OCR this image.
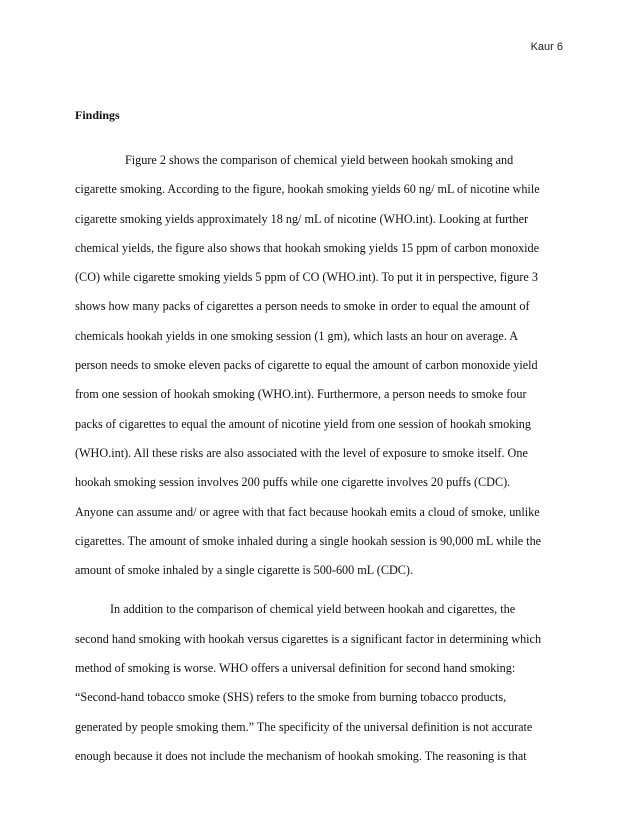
Kaur 6
Findings
Figure 2 shows the comparison of chemical yield between hookah smoking and
cigarette smoking. According to the figure, hookah smoking yields 60 ng/ mL of nicotine while
cigarette smoking yields approximately 18 ng/ mL of nicotine (WHO.int). Looking at further
chemical yields, the figure also shows that hookah smoking yields 15 ppm of carbon monoxide
(CO) while cigarette smoking yields 5 ppm of CO (WHO.int). To put it in perspective, figure 3
shows how many packs of cigarettes a person needs to smoke in order to equal the amount of
chemicals hookah yields in one smoking session (1 gm), which lasts an hour on average. A
person needs to smoke eleven packs of cigarette to equal the amount of carbon monoxide yield
from one session of hookah smoking (WHO.int). Furthermore, a person needs to smoke four
packs of cigarettes to equal the amount of nicotine yield from one session of hookah smoking
(WHO.int). All these risks are also associated with the level of exposure to smoke itself. One
hookah smoking session involves 200 puffs while one cigarette involves 20 puffs (CDC).
Anyone can assume and/ or agree with that fact because hookah emits a cloud of smoke, unlike
cigarettes. The amount of smoke inhaled during a single hookah session is 90,000 mL while the
amount of smoke inhaled by a single cigarette is 500-600 mL (CDC).
In addition to the comparison of chemical yield between hookah and cigarettes, the
second hand smoking with hookah versus cigarettes is a significant factor in determining which
method of smoking is worse. WHO offers a universal definition for second hand smoking:
“Second-hand tobacco smoke (SHS) refers to the smoke from burning tobacco products,
generated by people smoking them.” The specificity of the universal definition is not accurate
enough because it does not include the mechanism of hookah smoking. The reasoning is that
